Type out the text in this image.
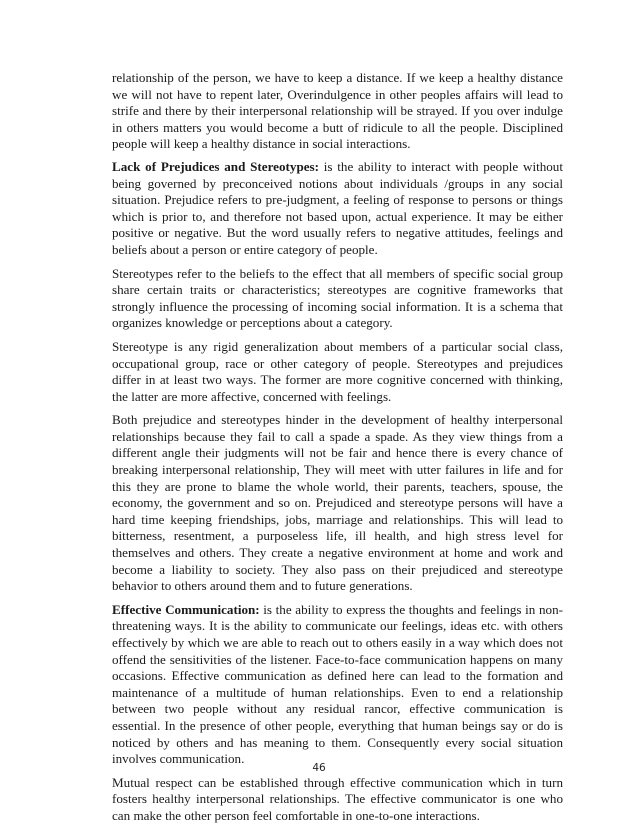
relationship of the person, we have to keep a distance. If we keep a healthy distance we will not have to repent later, Overindulgence in other peoples affairs will lead to strife and there by their interpersonal relationship will be strayed. If you over indulge in others matters you would become a butt of ridicule to all the people. Disciplined people will keep a healthy distance in social interactions.

Lack of Prejudices and Stereotypes: is the ability to interact with people without being governed by preconceived notions about individuals /groups in any social situation. Prejudice refers to pre-judgment, a feeling of response to persons or things which is prior to, and therefore not based upon, actual experience. It may be either positive or negative. But the word usually refers to negative attitudes, feelings and beliefs about a person or entire category of people.

Stereotypes refer to the beliefs to the effect that all members of specific social group share certain traits or characteristics; stereotypes are cognitive frameworks that strongly influence the processing of incoming social information. It is a schema that organizes knowledge or perceptions about a category.

Stereotype is any rigid generalization about members of a particular social class, occupational group, race or other category of people. Stereotypes and prejudices differ in at least two ways. The former are more cognitive concerned with thinking, the latter are more affective, concerned with feelings.

Both prejudice and stereotypes hinder in the development of healthy interpersonal relationships because they fail to call a spade a spade. As they view things from a different angle their judgments will not be fair and hence there is every chance of breaking interpersonal relationship, They will meet with utter failures in life and for this they are prone to blame the whole world, their parents, teachers, spouse, the economy, the government and so on. Prejudiced and stereotype persons will have a hard time keeping friendships, jobs, marriage and relationships. This will lead to bitterness, resentment, a purposeless life, ill health, and high stress level for themselves and others. They create a negative environment at home and work and become a liability to society. They also pass on their prejudiced and stereotype behavior to others around them and to future generations.

Effective Communication: is the ability to express the thoughts and feelings in non-threatening ways. It is the ability to communicate our feelings, ideas etc. with others effectively by which we are able to reach out to others easily in a way which does not offend the sensitivities of the listener. Face-to-face communication happens on many occasions. Effective communication as defined here can lead to the formation and maintenance of a multitude of human relationships. Even to end a relationship between two people without any residual rancor, effective communication is essential. In the presence of other people, everything that human beings say or do is noticed by others and has meaning to them. Consequently every social situation involves communication.

Mutual respect can be established through effective communication which in turn fosters healthy interpersonal relationships. The effective communicator is one who can make the other person feel comfortable in one-to-one interactions.

46
